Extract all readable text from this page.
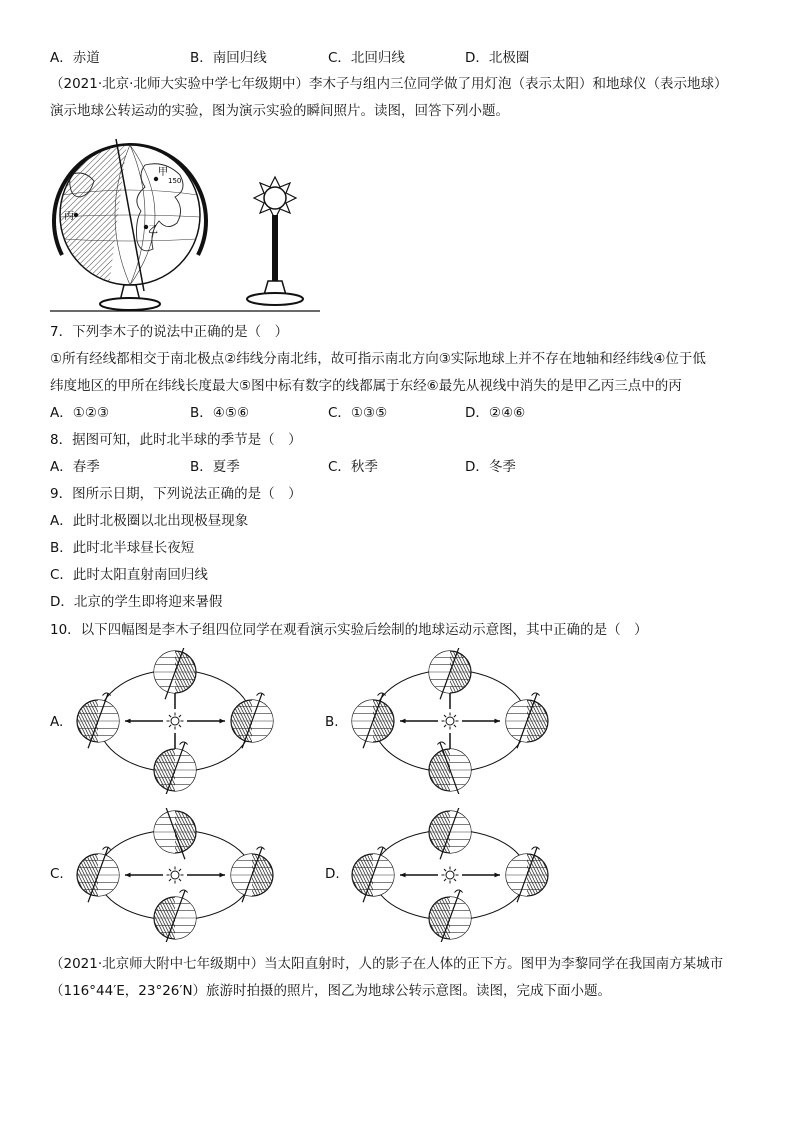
A．赤道	B．南回归线	C．北回归线	D．北极圈
（2021·北京·北师大实验中学七年级期中）李木子与组内三位同学做了用灯泡（表示太阳）和地球仪（表示地球）
演示地球公转运动的实验，图为演示实验的瞬间照片。读图，回答下列小题。
甲
乙
丙
150
7．下列李木子的说法中正确的是（　）
①所有经线都相交于南北极点②纬线分南北纬，故可指示南北方向③实际地球上并不存在地轴和经纬线④位于低
纬度地区的甲所在纬线长度最大⑤图中标有数字的线都属于东经⑥最先从视线中消失的是甲乙丙三点中的丙
A．①②③	B．④⑤⑥	C．①③⑤	D．②④⑥
8．据图可知，此时北半球的季节是（　）
A．春季	B．夏季	C．秋季	D．冬季
9．图所示日期，下列说法正确的是（　）
A．此时北极圈以北出现极昼现象
B．此时北半球昼长夜短
C．此时太阳直射南回归线
D．北京的学生即将迎来暑假
10．以下四幅图是李木子组四位同学在观看演示实验后绘制的地球运动示意图，其中正确的是（　）
A.	B.
C.	D.
（2021·北京师大附中七年级期中）当太阳直射时，人的影子在人体的正下方。图甲为李黎同学在我国南方某城市
（116°44′E，23°26′N）旅游时拍摄的照片，图乙为地球公转示意图。读图，完成下面小题。
